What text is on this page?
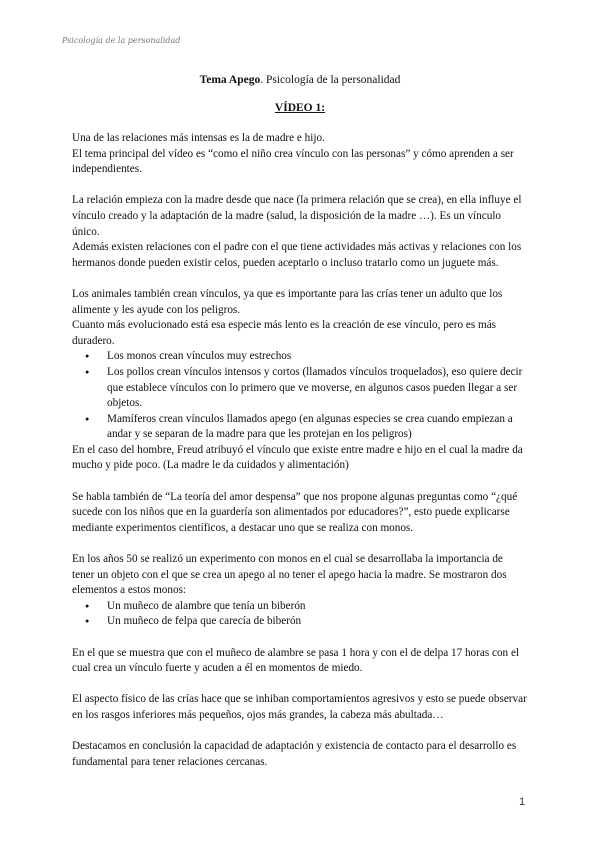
Psicología de la personalidad
Tema Apego. Psicología de la personalidad
VÍDEO 1:

Una de las relaciones más intensas es la de madre e hijo.

El tema principal del vídeo es “como el niño crea vínculo con las personas” y cómo aprenden a ser independientes.

La relación empieza con la madre desde que nace (la primera relación que se crea), en ella influye el vínculo creado y la adaptación de la madre (salud, la disposición de la madre …). Es un vínculo único.

Además existen relaciones con el padre con el que tiene actividades más activas y relaciones con los hermanos donde pueden existir celos, pueden aceptarlo o incluso tratarlo como un juguete más.

Los animales también crean vínculos, ya que es importante para las crías tener un adulto que los alimente y les ayude con los peligros.

Cuanto más evolucionado está esa especie más lento es la creación de ese vínculo, pero es más duradero.

● Los monos crean vínculos muy estrechos
● Los pollos crean vínculos intensos y cortos (llamados vínculos troquelados), eso quiere decir que establece vínculos con lo primero que ve moverse, en algunos casos pueden llegar a ser objetos.
● Mamíferos crean vínculos llamados apego (en algunas especies se crea cuando empiezan a andar y se separan de la madre para que les protejan en los peligros)

En el caso del hombre, Freud atribuyó el vínculo que existe entre madre e hijo en el cual la madre da mucho y pide poco. (La madre le da cuidados y alimentación)

Se habla también de “La teoría del amor despensa” que nos propone algunas preguntas como “¿qué sucede con los niños que en la guardería son alimentados por educadores?”, esto puede explicarse mediante experimentos científicos, a destacar uno que se realiza con monos.

En los años 50 se realizó un experimento con monos en el cual se desarrollaba la importancia de tener un objeto con el que se crea un apego al no tener el apego hacia la madre. Se mostraron dos elementos a estos monos:

● Un muñeco de alambre que tenía un biberón
● Un muñeco de felpa que carecía de biberón

En el que se muestra que con el muñeco de alambre se pasa 1 hora y con el de delpa 17 horas con el cual crea un vínculo fuerte y acuden a él en momentos de miedo.

El aspecto físico de las crías hace que se inhiban comportamientos agresivos y esto se puede observar en los rasgos inferiores más pequeños, ojos más grandes, la cabeza más abultada…

Destacamos en conclusión la capacidad de adaptación y existencia de contacto para el desarrollo es fundamental para tener relaciones cercanas.

1
